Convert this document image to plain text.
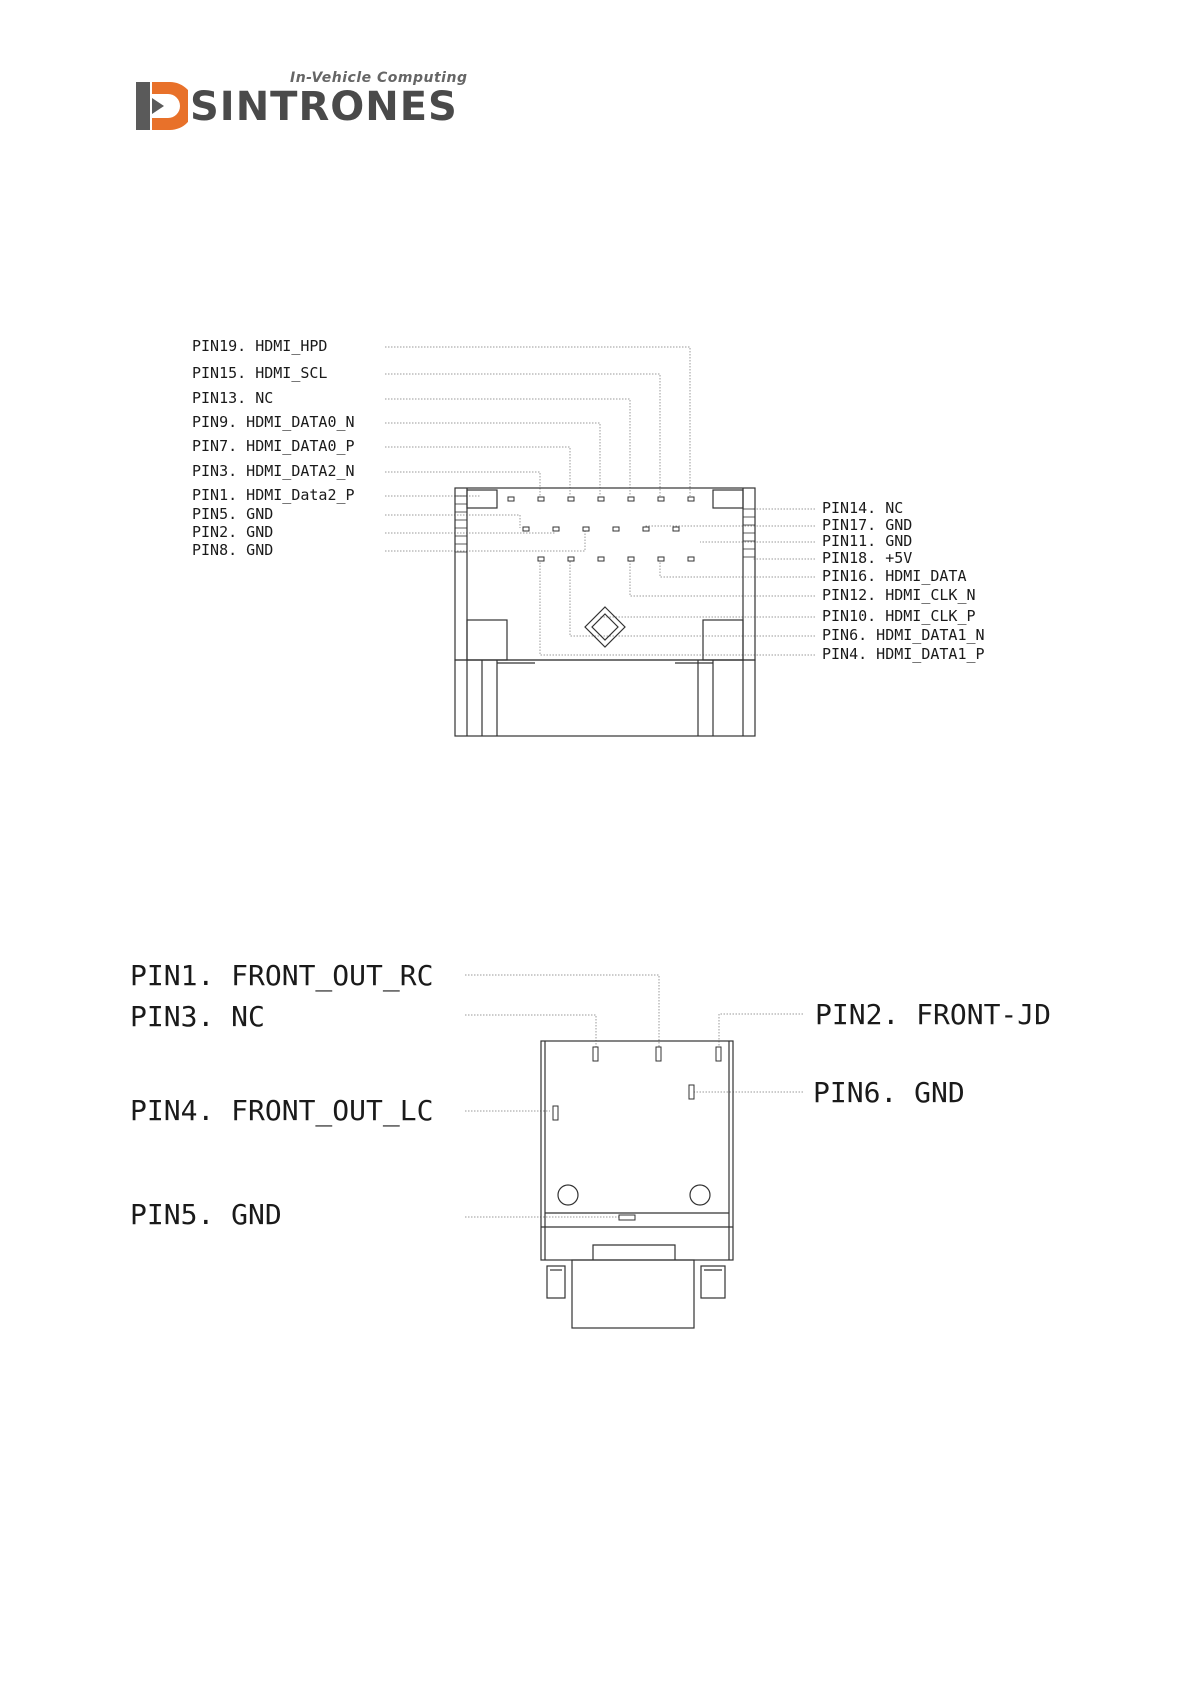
In-Vehicle Computing
SINTRONES
PIN19. HDMI_HPD
PIN15. HDMI_SCL
PIN13. NC
PIN9. HDMI_DATA0_N
PIN7. HDMI_DATA0_P
PIN3. HDMI_DATA2_N
PIN1. HDMI_Data2_P
PIN5. GND
PIN2. GND
PIN8. GND
PIN14. NC
PIN17. GND
PIN11. GND
PIN18. +5V
PIN16. HDMI_DATA
PIN12. HDMI_CLK_N
PIN10. HDMI_CLK_P
PIN6. HDMI_DATA1_N
PIN4. HDMI_DATA1_P
PIN1. FRONT_OUT_RC
PIN3. NC
PIN4. FRONT_OUT_LC
PIN5. GND
PIN2. FRONT-JD
PIN6. GND
